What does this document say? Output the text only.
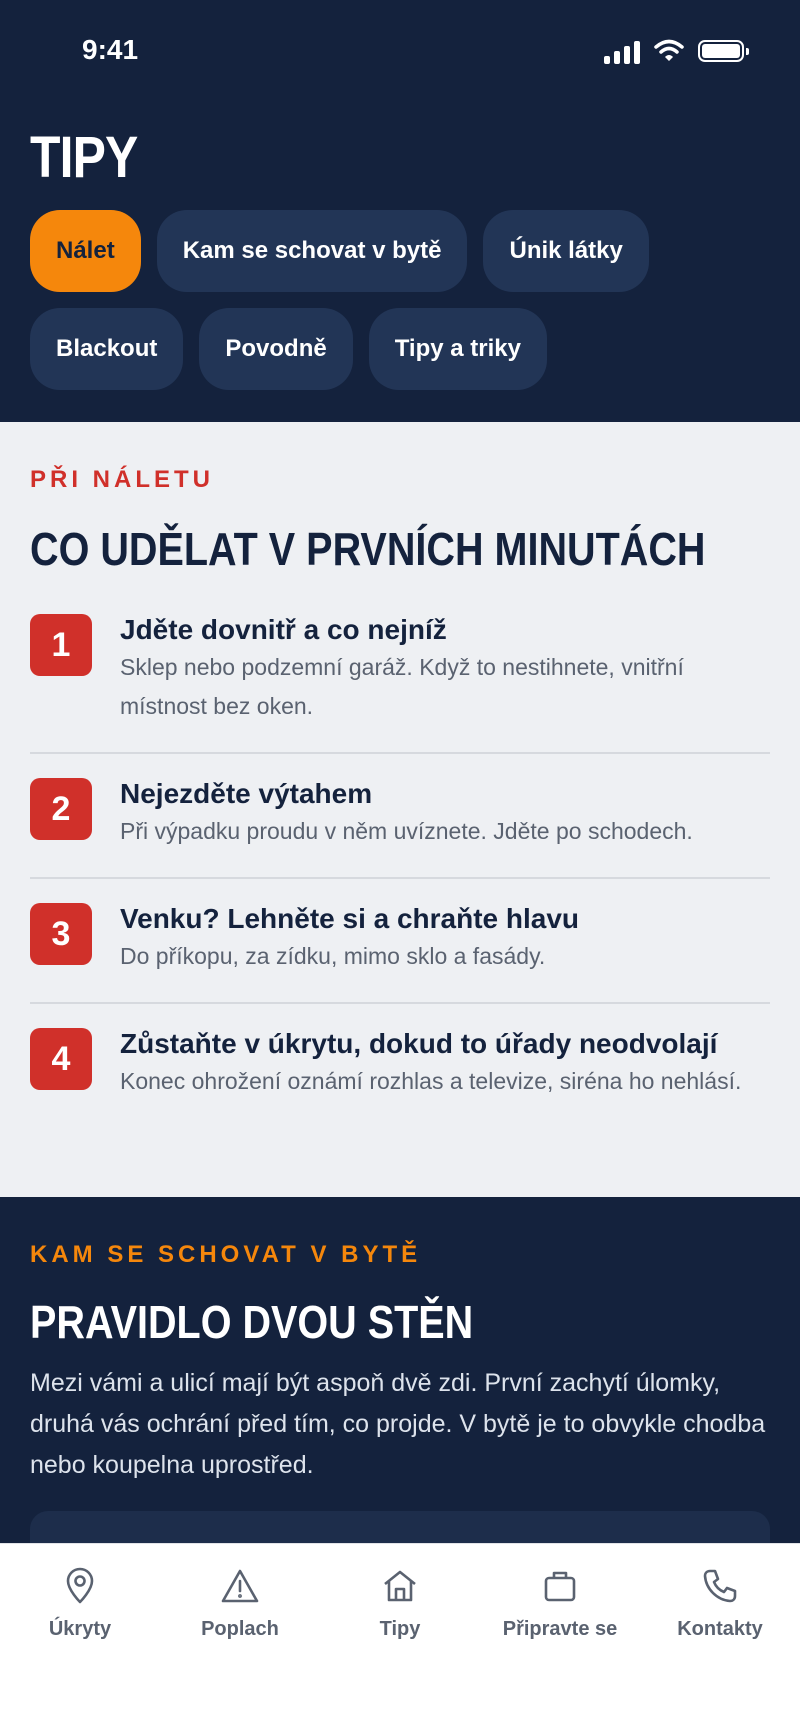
9:41
TIPY
Nálet	Kam se schovat v bytě	Únik látky
Blackout	Povodně	Tipy a triky
PŘI NÁLETU
CO UDĚLAT V PRVNÍCH MINUTÁCH
1	Jděte dovnitř a co nejníž
Sklep nebo podzemní garáž. Když to nestihnete, vnitřní místnost bez oken.
2	Nejezděte výtahem
Při výpadku proudu v něm uvíznete. Jděte po schodech.
3	Venku? Lehněte si a chraňte hlavu
Do příkopu, za zídku, mimo sklo a fasády.
4	Zůstaňte v úkrytu, dokud to úřady neodvolají
Konec ohrožení oznámí rozhlas a televize, siréna ho nehlásí.
KAM SE SCHOVAT V BYTĚ
PRAVIDLO DVOU STĚN
Mezi vámi a ulicí mají být aspoň dvě zdi. První zachytí úlomky, druhá vás ochrání před tím, co projde. V bytě je to obvykle chodba nebo koupelna uprostřed.
Úkryty	Poplach	Tipy	Připravte se	Kontakty
